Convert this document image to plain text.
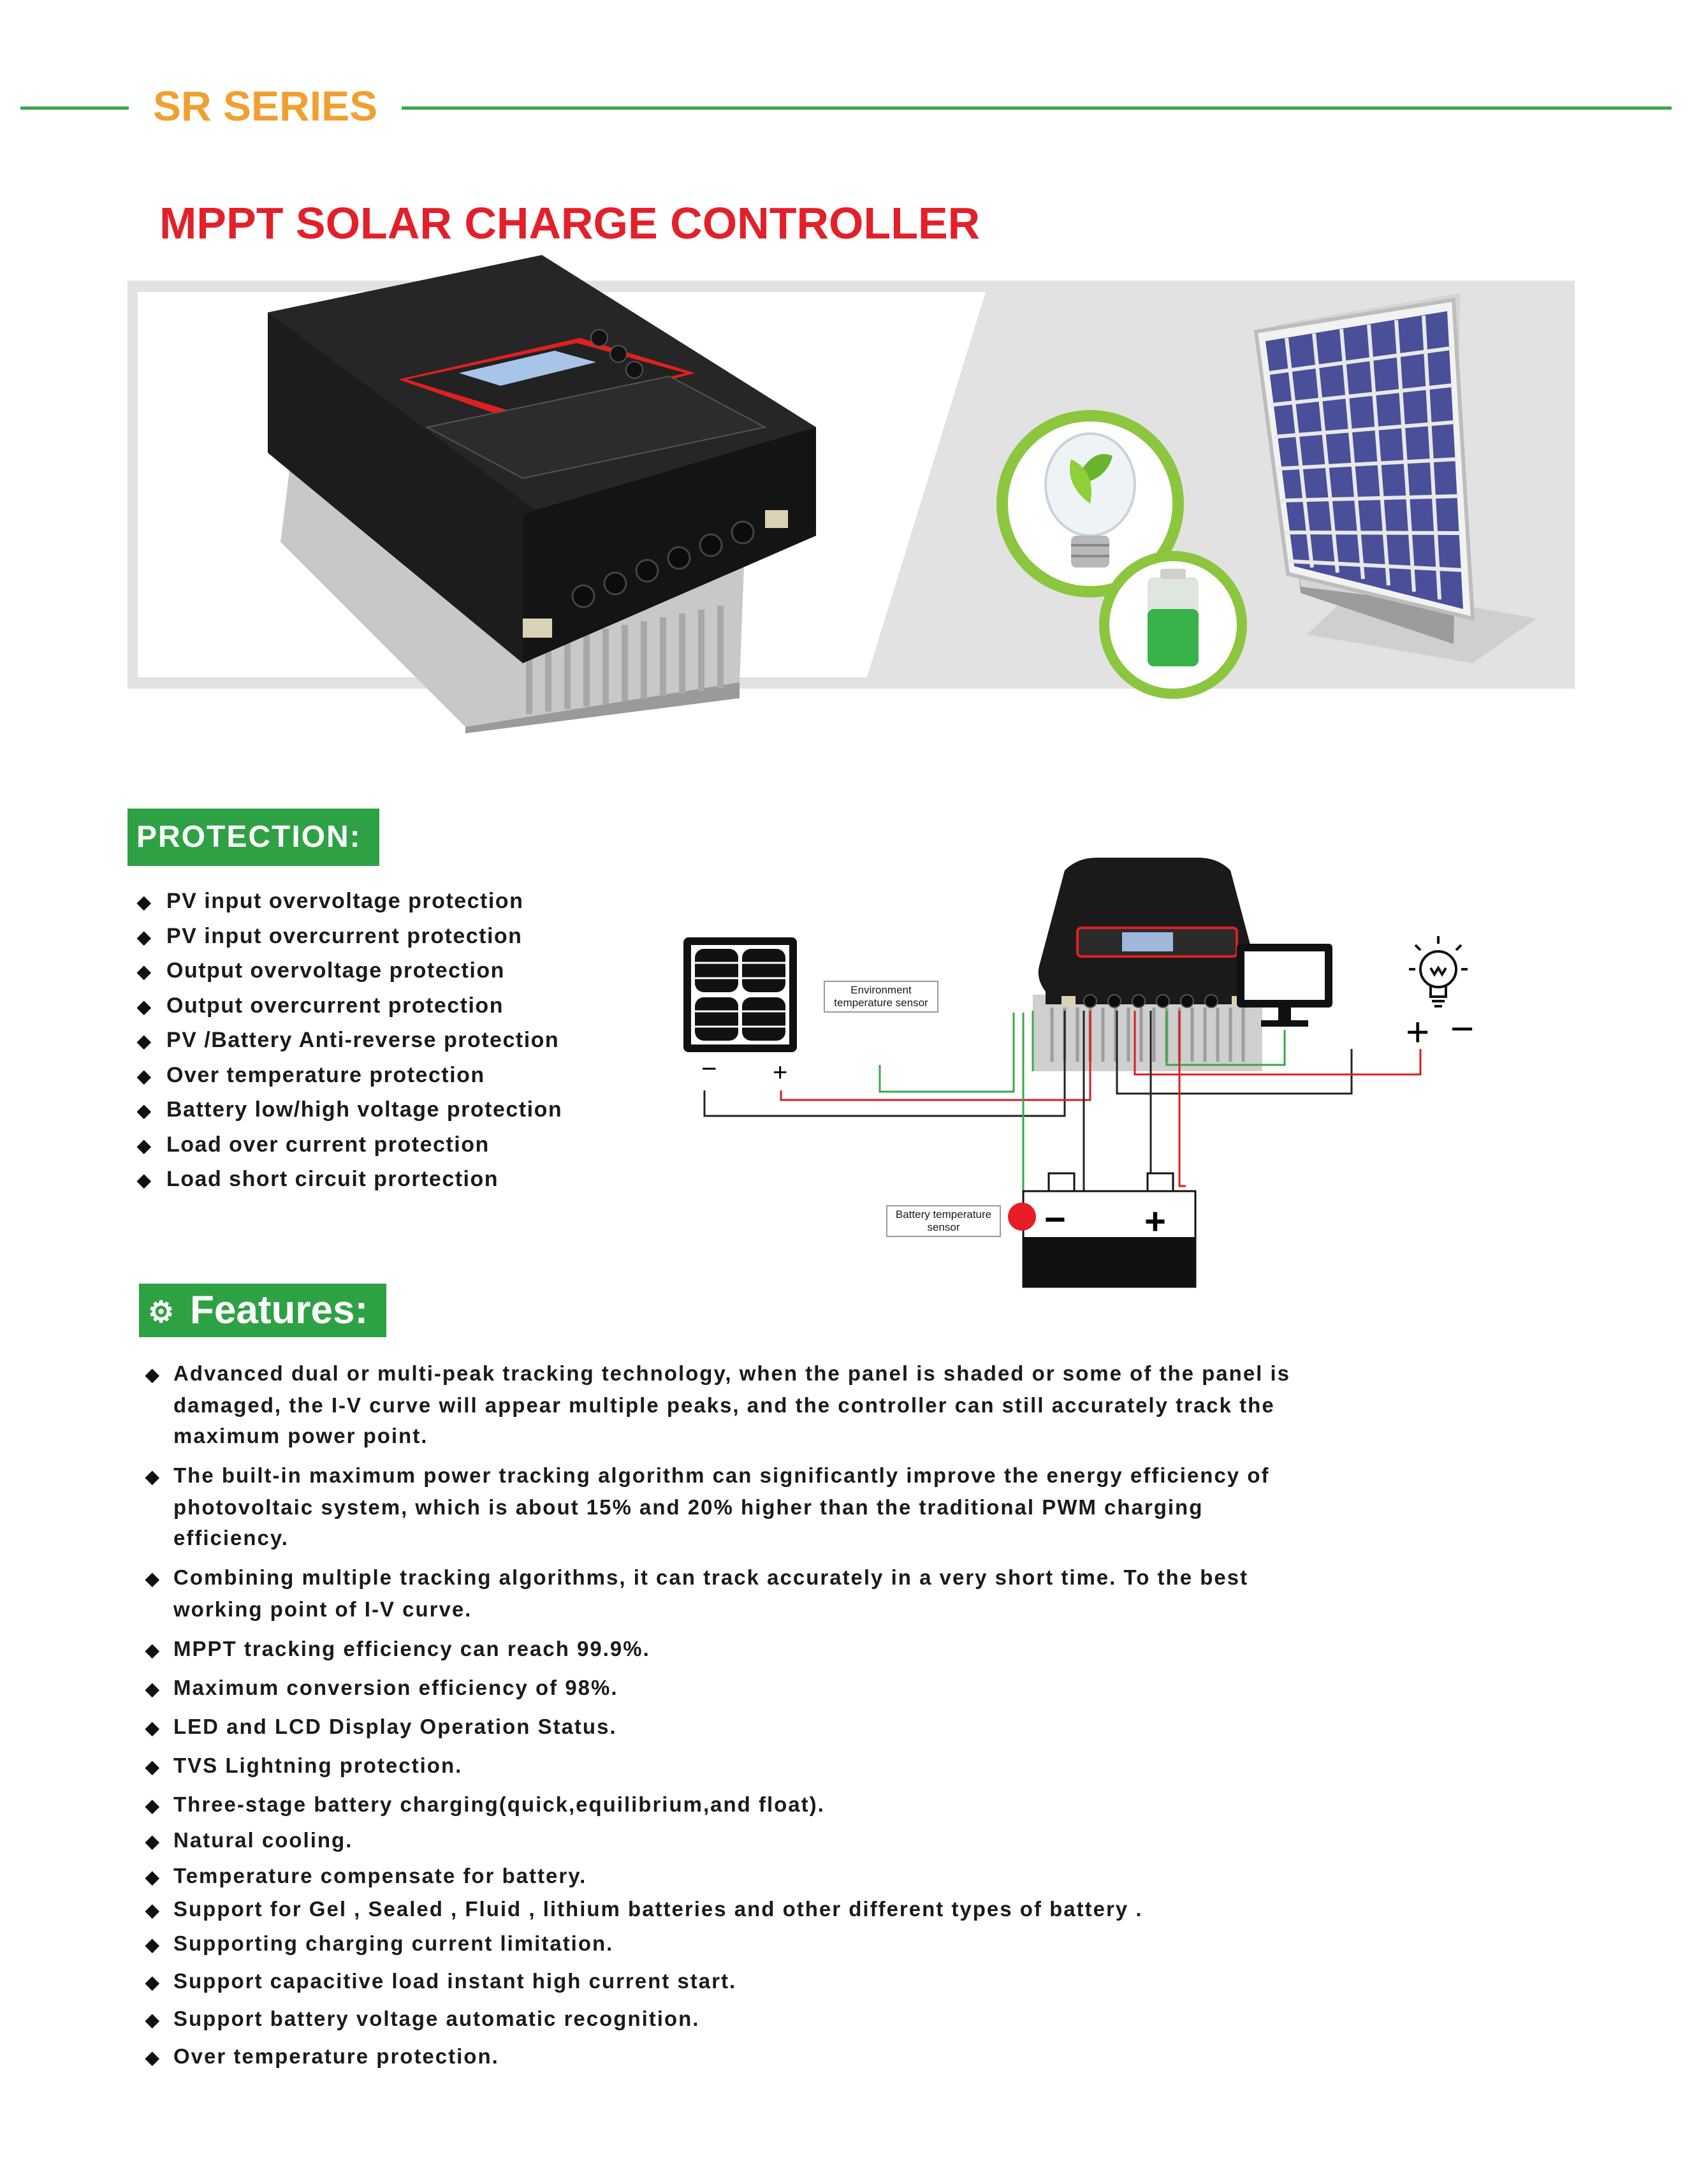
SR SERIES
MPPT SOLAR CHARGE CONTROLLER
PROTECTION:
◆ PV input overvoltage protection
◆ PV input overcurrent protection
◆ Output overvoltage protection
◆ Output overcurrent protection
◆ PV /Battery Anti-reverse protection
◆ Over temperature protection
◆ Battery low/high voltage protection
◆ Load over current protection
◆ Load short circuit prortection
− +
+ −
− +
Environment temperature sensor
Battery temperature sensor
⚙ Features:
◆ Advanced dual or multi-peak tracking technology, when the panel is shaded or some of the panel is damaged, the I-V curve will appear multiple peaks, and the controller can still accurately track the maximum power point.
◆ The built-in maximum power tracking algorithm can significantly improve the energy efficiency of photovoltaic system, which is about 15% and 20% higher than the traditional PWM charging efficiency.
◆ Combining multiple tracking algorithms, it can track accurately in a very short time. To the best working point of I-V curve.
◆ MPPT tracking efficiency can reach 99.9%.
◆ Maximum conversion efficiency of 98%.
◆ LED and LCD Display Operation Status.
◆ TVS Lightning protection.
◆ Three-stage battery charging(quick,equilibrium,and float).
◆ Natural cooling.
◆ Temperature compensate for battery.
◆ Support for Gel , Sealed , Fluid , lithium batteries and other different types of battery .
◆ Supporting charging current limitation.
◆ Support capacitive load instant high current start.
◆ Support battery voltage automatic recognition.
◆ Over temperature protection.
